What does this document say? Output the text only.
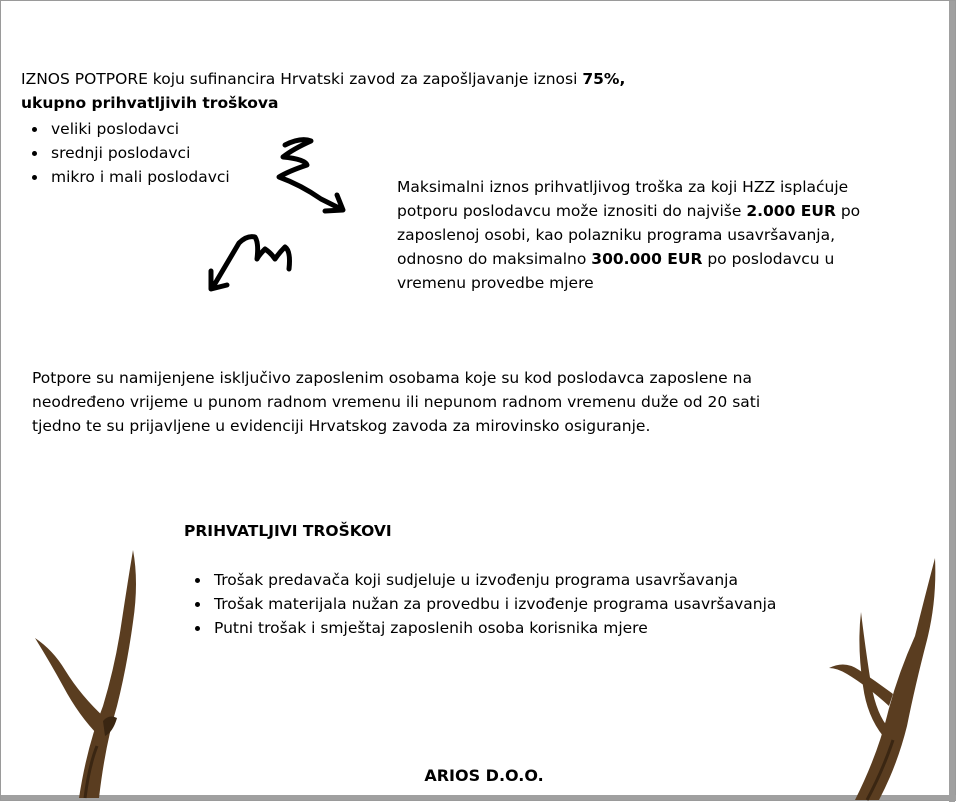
IZNOS POTPORE koju sufinancira Hrvatski zavod za zapošljavanje iznosi 75%,
ukupno prihvatljivih troškova
veliki poslodavci
srednji poslodavci
mikro i mali poslodavci
Maksimalni iznos prihvatljivog troška za koji HZZ isplaćuje potporu poslodavcu može iznositi do najviše 2.000 EUR po zaposlenoj osobi, kao polazniku programa usavršavanja, odnosno do maksimalno 300.000 EUR po poslodavcu u vremenu provedbe mjere
Potpore su namijenjene isključivo zaposlenim osobama koje su kod poslodavca zaposlene na neodređeno vrijeme u punom radnom vremenu ili nepunom radnom vremenu duže od 20 sati tjedno te su prijavljene u evidenciji Hrvatskog zavoda za mirovinsko osiguranje.
PRIHVATLJIVI TROŠKOVI
Trošak predavača koji sudjeluje u izvođenju programa usavršavanja
Trošak materijala nužan za provedbu i izvođenje programa usavršavanja
Putni trošak i smještaj zaposlenih osoba korisnika mjere
ARIOS D.O.O.
